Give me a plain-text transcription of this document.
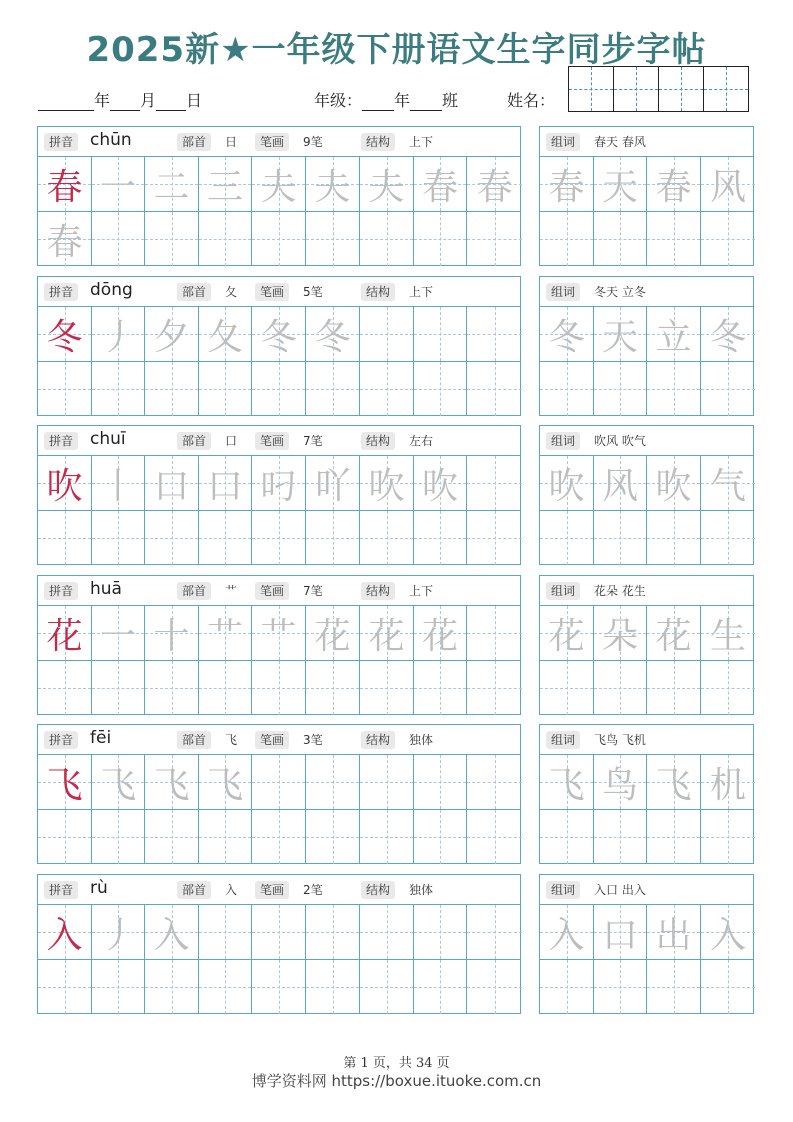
2025新★一年级下册语文生字同步字帖
年 月 日	年级： 年 班	姓名：
拼音 chūn	部首	日	笔画	9笔	结构	上下
春 一 二 三 夫 夫 夫 春 春
春
组词	春天 春风
春 天 春 风
拼音 dōng	部首	夂	笔画	5笔	结构	上下
冬 丿 夕 夂 冬 冬
组词	冬天 立冬
冬 天 立 冬
拼音 chuī	部首	口	笔画	7笔	结构	左右
吹 丨 口 口 叼 吖 吹 吹
组词	吹风 吹气
吹 风 吹 气
拼音 huā	部首	艹	笔画	7笔	结构	上下
花 一 十 艹 艹 花 花 花
组词	花朵 花生
花 朵 花 生
拼音 fēi	部首	飞	笔画	3笔	结构	独体
飞 飞 飞 飞
组词	飞鸟 飞机
飞 鸟 飞 机
拼音 rù	部首	入	笔画	2笔	结构	独体
入 丿 入
组词	入口 出入
入 口 出 入
第 1 页，共 34 页
博学资料网 https://boxue.ituoke.com.cn
